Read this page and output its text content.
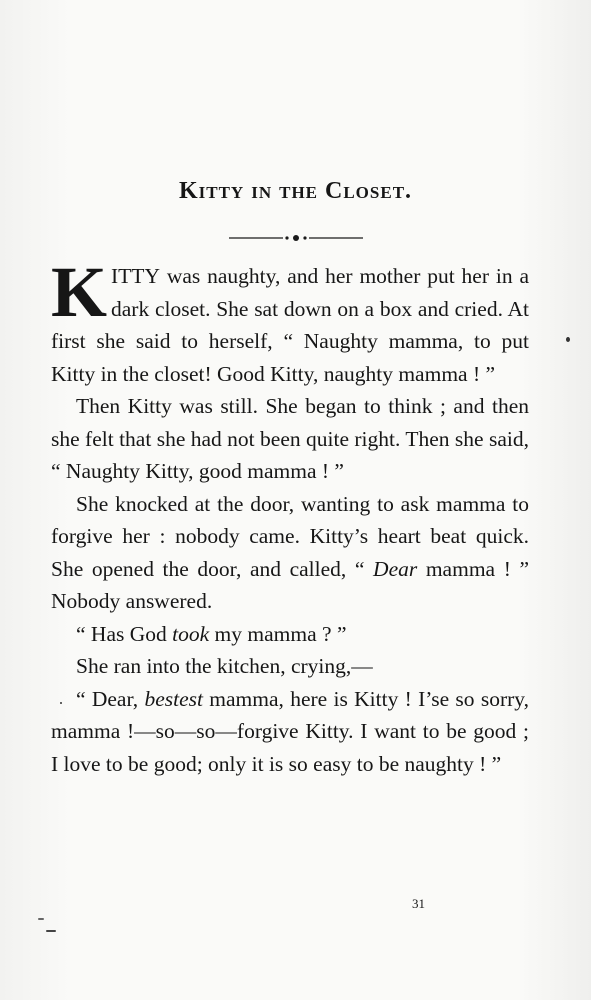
Kitty in the Closet.

KITTY was naughty, and her mother put her in a dark closet. She sat down on a box and cried. At first she said to herself, “ Naughty mamma, to put Kitty in the closet! Good Kitty, naughty mamma ! ”

Then Kitty was still. She began to think ; and then she felt that she had not been quite right. Then she said, “ Naughty Kitty, good mamma ! ”

She knocked at the door, wanting to ask mamma to forgive her : nobody came. Kitty’s heart beat quick. She opened the door, and called, “ Dear mamma ! ” Nobody answered.

“ Has God took my mamma ? ”

She ran into the kitchen, crying,—

“ Dear, bestest mamma, here is Kitty ! I’se so sorry, mamma !—so—so—forgive Kitty. I want to be good ; I love to be good; only it is so easy to be naughty ! ”

31
